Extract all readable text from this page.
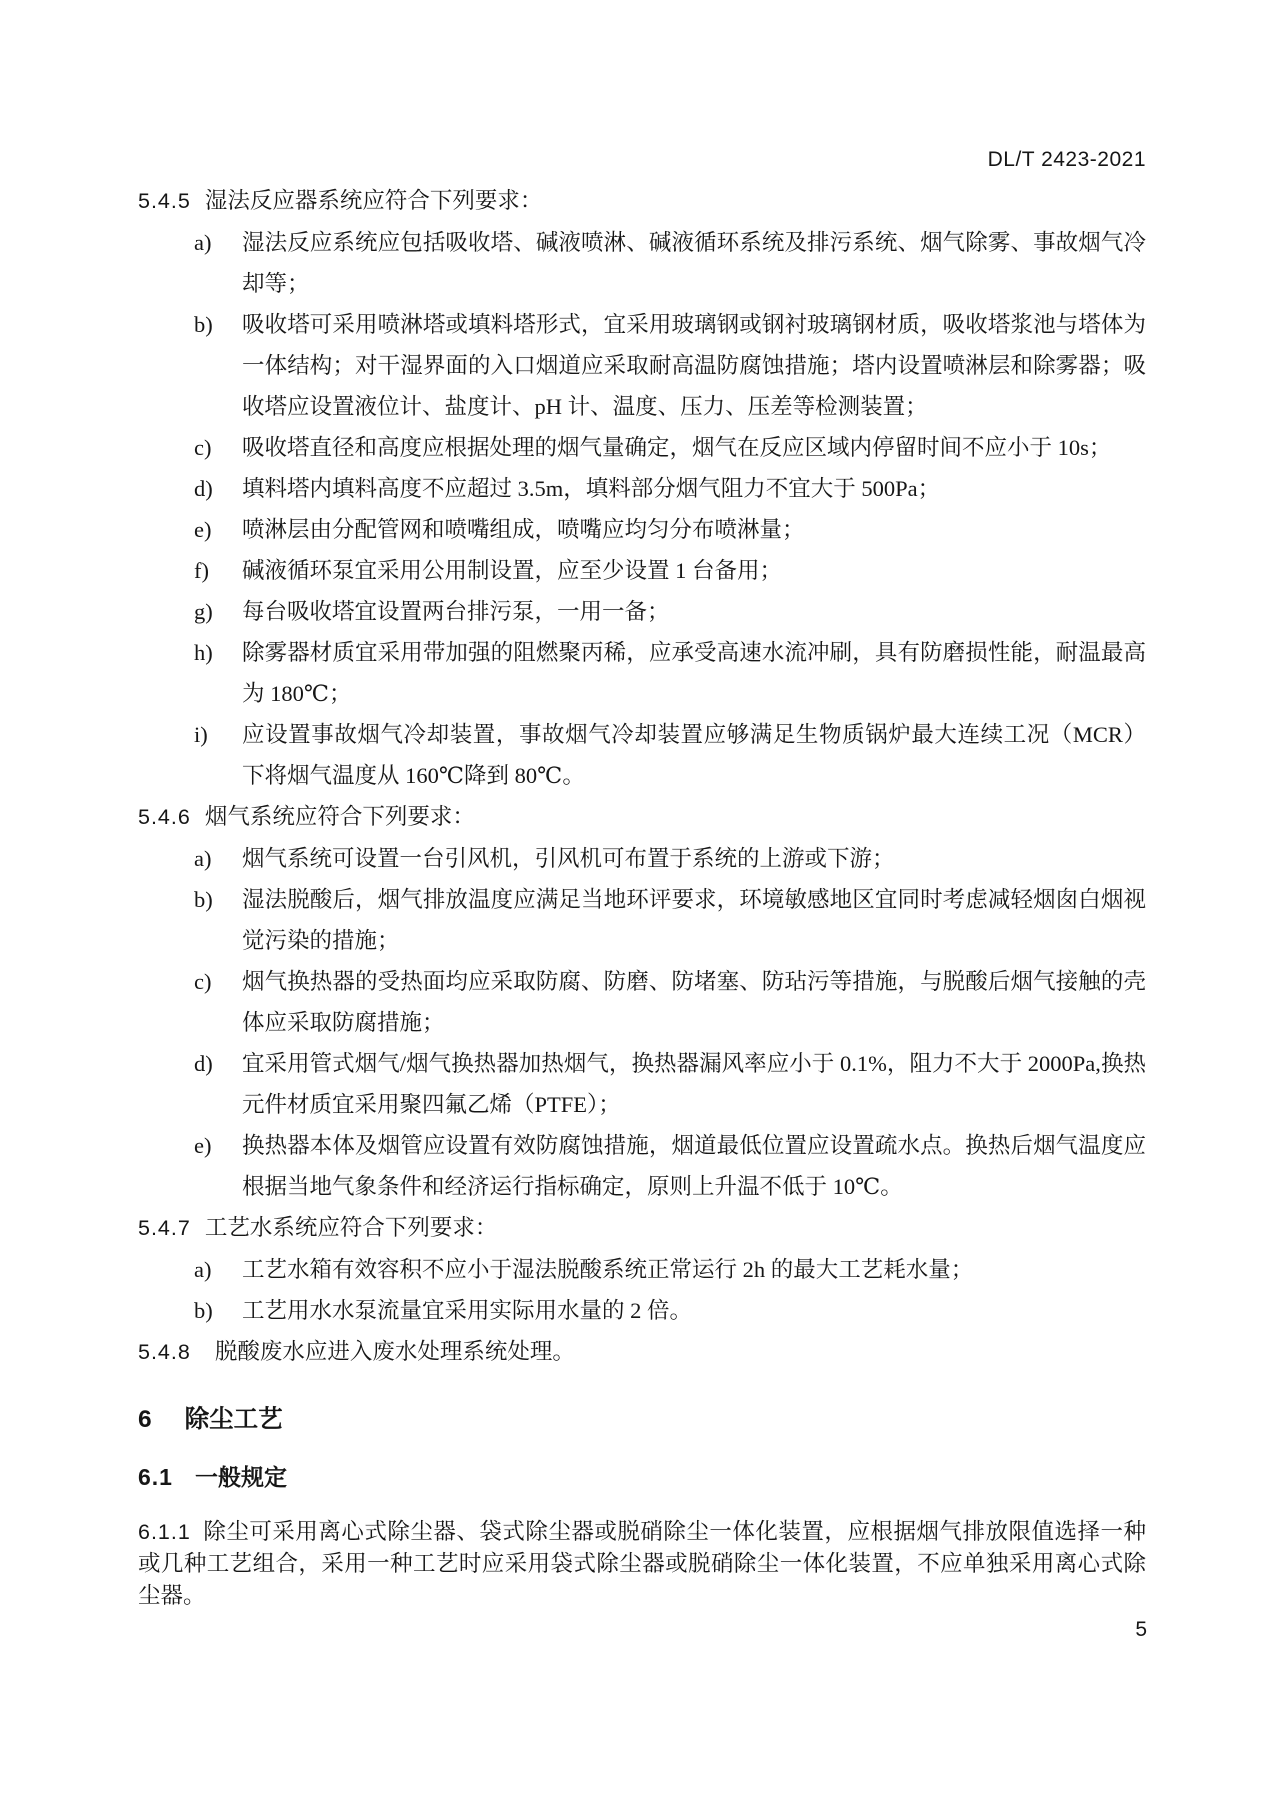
DL/T 2423-2021

5.4.5 湿法反应器系统应符合下列要求：

a) 湿法反应系统应包括吸收塔、碱液喷淋、碱液循环系统及排污系统、烟气除雾、事故烟气冷却等；
b) 吸收塔可采用喷淋塔或填料塔形式，宜采用玻璃钢或钢衬玻璃钢材质，吸收塔浆池与塔体为一体结构；对干湿界面的入口烟道应采取耐高温防腐蚀措施；塔内设置喷淋层和除雾器；吸收塔应设置液位计、盐度计、pH 计、温度、压力、压差等检测装置；
c) 吸收塔直径和高度应根据处理的烟气量确定，烟气在反应区域内停留时间不应小于 10s；
d) 填料塔内填料高度不应超过 3.5m，填料部分烟气阻力不宜大于 500Pa；
e) 喷淋层由分配管网和喷嘴组成，喷嘴应均匀分布喷淋量；
f) 碱液循环泵宜采用公用制设置，应至少设置 1 台备用；
g) 每台吸收塔宜设置两台排污泵，一用一备；
h) 除雾器材质宜采用带加强的阻燃聚丙稀，应承受高速水流冲刷，具有防磨损性能，耐温最高为 180℃；
i) 应设置事故烟气冷却装置，事故烟气冷却装置应够满足生物质锅炉最大连续工况（MCR）下将烟气温度从 160℃降到 80℃。

5.4.6 烟气系统应符合下列要求：

a) 烟气系统可设置一台引风机，引风机可布置于系统的上游或下游；
b) 湿法脱酸后，烟气排放温度应满足当地环评要求，环境敏感地区宜同时考虑减轻烟囱白烟视觉污染的措施；
c) 烟气换热器的受热面均应采取防腐、防磨、防堵塞、防玷污等措施，与脱酸后烟气接触的壳体应采取防腐措施；
d) 宜采用管式烟气/烟气换热器加热烟气，换热器漏风率应小于 0.1%，阻力不大于 2000Pa,换热元件材质宜采用聚四氟乙烯（PTFE）；
e) 换热器本体及烟管应设置有效防腐蚀措施，烟道最低位置应设置疏水点。换热后烟气温度应根据当地气象条件和经济运行指标确定，原则上升温不低于 10℃。

5.4.7 工艺水系统应符合下列要求：

a) 工艺水箱有效容积不应小于湿法脱酸系统正常运行 2h 的最大工艺耗水量；
b) 工艺用水水泵流量宜采用实际用水量的 2 倍。

5.4.8 脱酸废水应进入废水处理系统处理。

6 除尘工艺
6.1 一般规定

6.1.1 除尘可采用离心式除尘器、袋式除尘器或脱硝除尘一体化装置，应根据烟气排放限值选择一种或几种工艺组合，采用一种工艺时应采用袋式除尘器或脱硝除尘一体化装置，不应单独采用离心式除尘器。

5
